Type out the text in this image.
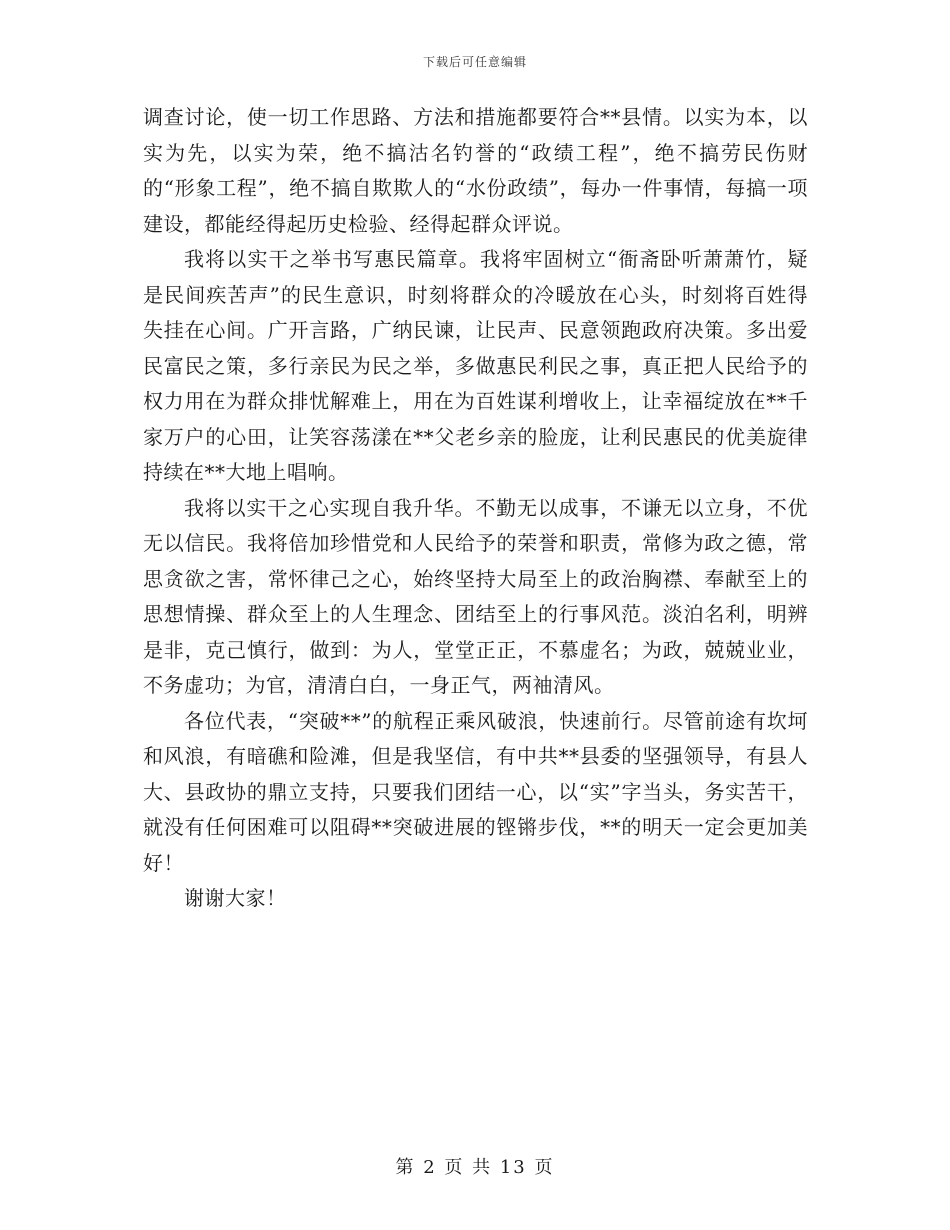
下载后可任意编辑

调查讨论，使一切工作思路、方法和措施都要符合**县情。以实为本，以实为先，以实为荣，绝不搞沽名钓誉的“政绩工程”，绝不搞劳民伤财的“形象工程”，绝不搞自欺欺人的“水份政绩”，每办一件事情，每搞一项建设，都能经得起历史检验、经得起群众评说。

我将以实干之举书写惠民篇章。我将牢固树立“衙斋卧听萧萧竹，疑是民间疾苦声”的民生意识，时刻将群众的冷暖放在心头，时刻将百姓得失挂在心间。广开言路，广纳民谏，让民声、民意领跑政府决策。多出爱民富民之策，多行亲民为民之举，多做惠民利民之事，真正把人民给予的权力用在为群众排忧解难上，用在为百姓谋利增收上，让幸福绽放在**千家万户的心田，让笑容荡漾在**父老乡亲的脸庞，让利民惠民的优美旋律持续在**大地上唱响。

我将以实干之心实现自我升华。不勤无以成事，不谦无以立身，不优无以信民。我将倍加珍惜党和人民给予的荣誉和职责，常修为政之德，常思贪欲之害，常怀律己之心，始终坚持大局至上的政治胸襟、奉献至上的思想情操、群众至上的人生理念、团结至上的行事风范。淡泊名利，明辨是非，克己慎行，做到：为人，堂堂正正，不慕虚名；为政，兢兢业业，不务虚功；为官，清清白白，一身正气，两袖清风。

各位代表，“突破**”的航程正乘风破浪，快速前行。尽管前途有坎坷和风浪，有暗礁和险滩，但是我坚信，有中共**县委的坚强领导，有县人大、县政协的鼎立支持，只要我们团结一心，以“实”字当头，务实苦干，就没有任何困难可以阻碍**突破进展的铿锵步伐，**的明天一定会更加美好！

谢谢大家！

第 2 页 共 13 页
